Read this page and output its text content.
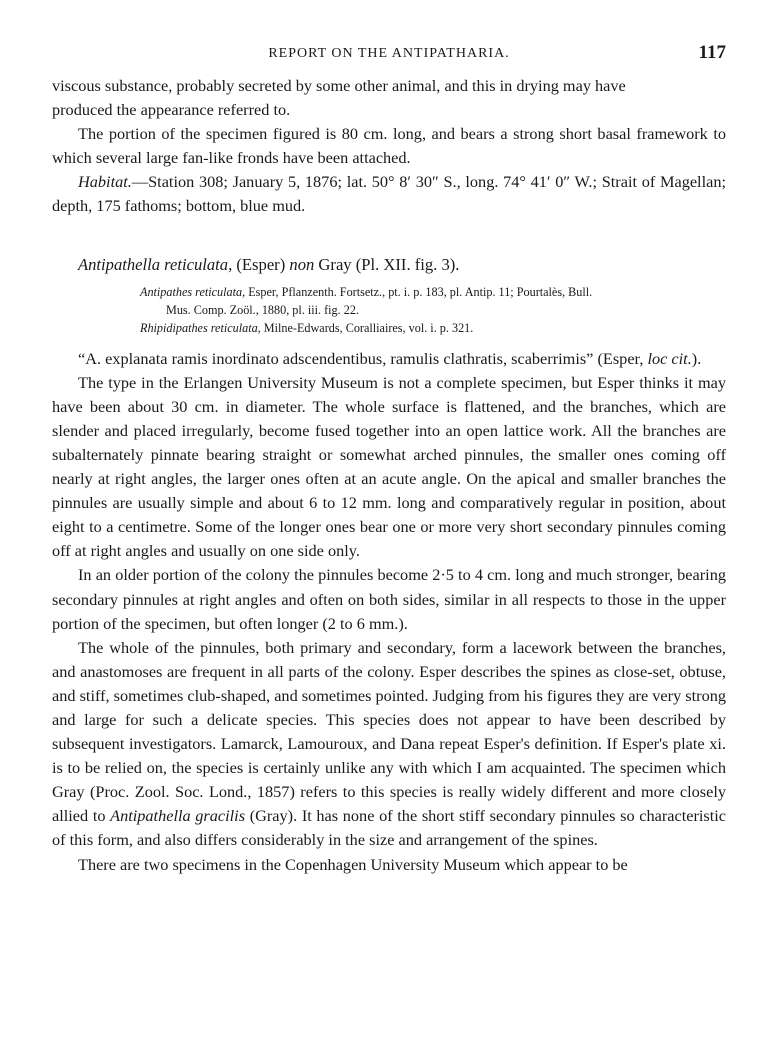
REPORT ON THE ANTIPATHARIA.	117

viscous substance, probably secreted by some other animal, and this in drying may have
produced the appearance referred to.

The portion of the specimen figured is 80 cm. long, and bears a strong short basal framework to which several large fan-like fronds have been attached.

Habitat.—Station 308; January 5, 1876; lat. 50° 8′ 30″ S., long. 74° 41′ 0″ W.; Strait of Magellan; depth, 175 fathoms; bottom, blue mud.

Antipathella reticulata, (Esper) non Gray (Pl. XII. fig. 3).

Antipathes reticulata, Esper, Pflanzenth. Fortsetz., pt. i. p. 183, pl. Antip. 11; Pourtalès, Bull.
Mus. Comp. Zoöl., 1880, pl. iii. fig. 22.

Rhipidipathes reticulata, Milne-Edwards, Coralliaires, vol. i. p. 321.

“A. explanata ramis inordinato adscendentibus, ramulis clathratis, scaberrimis” (Esper, loc cit.).

The type in the Erlangen University Museum is not a complete specimen, but Esper thinks it may have been about 30 cm. in diameter. The whole surface is flattened, and the branches, which are slender and placed irregularly, become fused together into an open lattice work. All the branches are subalternately pinnate bearing straight or somewhat arched pinnules, the smaller ones coming off nearly at right angles, the larger ones often at an acute angle. On the apical and smaller branches the pinnules are usually simple and about 6 to 12 mm. long and comparatively regular in position, about eight to a centimetre. Some of the longer ones bear one or more very short secondary pinnules coming off at right angles and usually on one side only.

In an older portion of the colony the pinnules become 2·5 to 4 cm. long and much stronger, bearing secondary pinnules at right angles and often on both sides, similar in all respects to those in the upper portion of the specimen, but often longer (2 to 6 mm.).

The whole of the pinnules, both primary and secondary, form a lacework between the branches, and anastomoses are frequent in all parts of the colony. Esper describes the spines as close-set, obtuse, and stiff, sometimes club-shaped, and sometimes pointed. Judging from his figures they are very strong and large for such a delicate species. This species does not appear to have been described by subsequent investigators. Lamarck, Lamouroux, and Dana repeat Esper's definition. If Esper's plate xi. is to be relied on, the species is certainly unlike any with which I am acquainted. The specimen which Gray (Proc. Zool. Soc. Lond., 1857) refers to this species is really widely different and more closely allied to Antipathella gracilis (Gray). It has none of the short stiff secondary pinnules so characteristic of this form, and also differs considerably in the size and arrangement of the spines.

There are two specimens in the Copenhagen University Museum which appear to be
